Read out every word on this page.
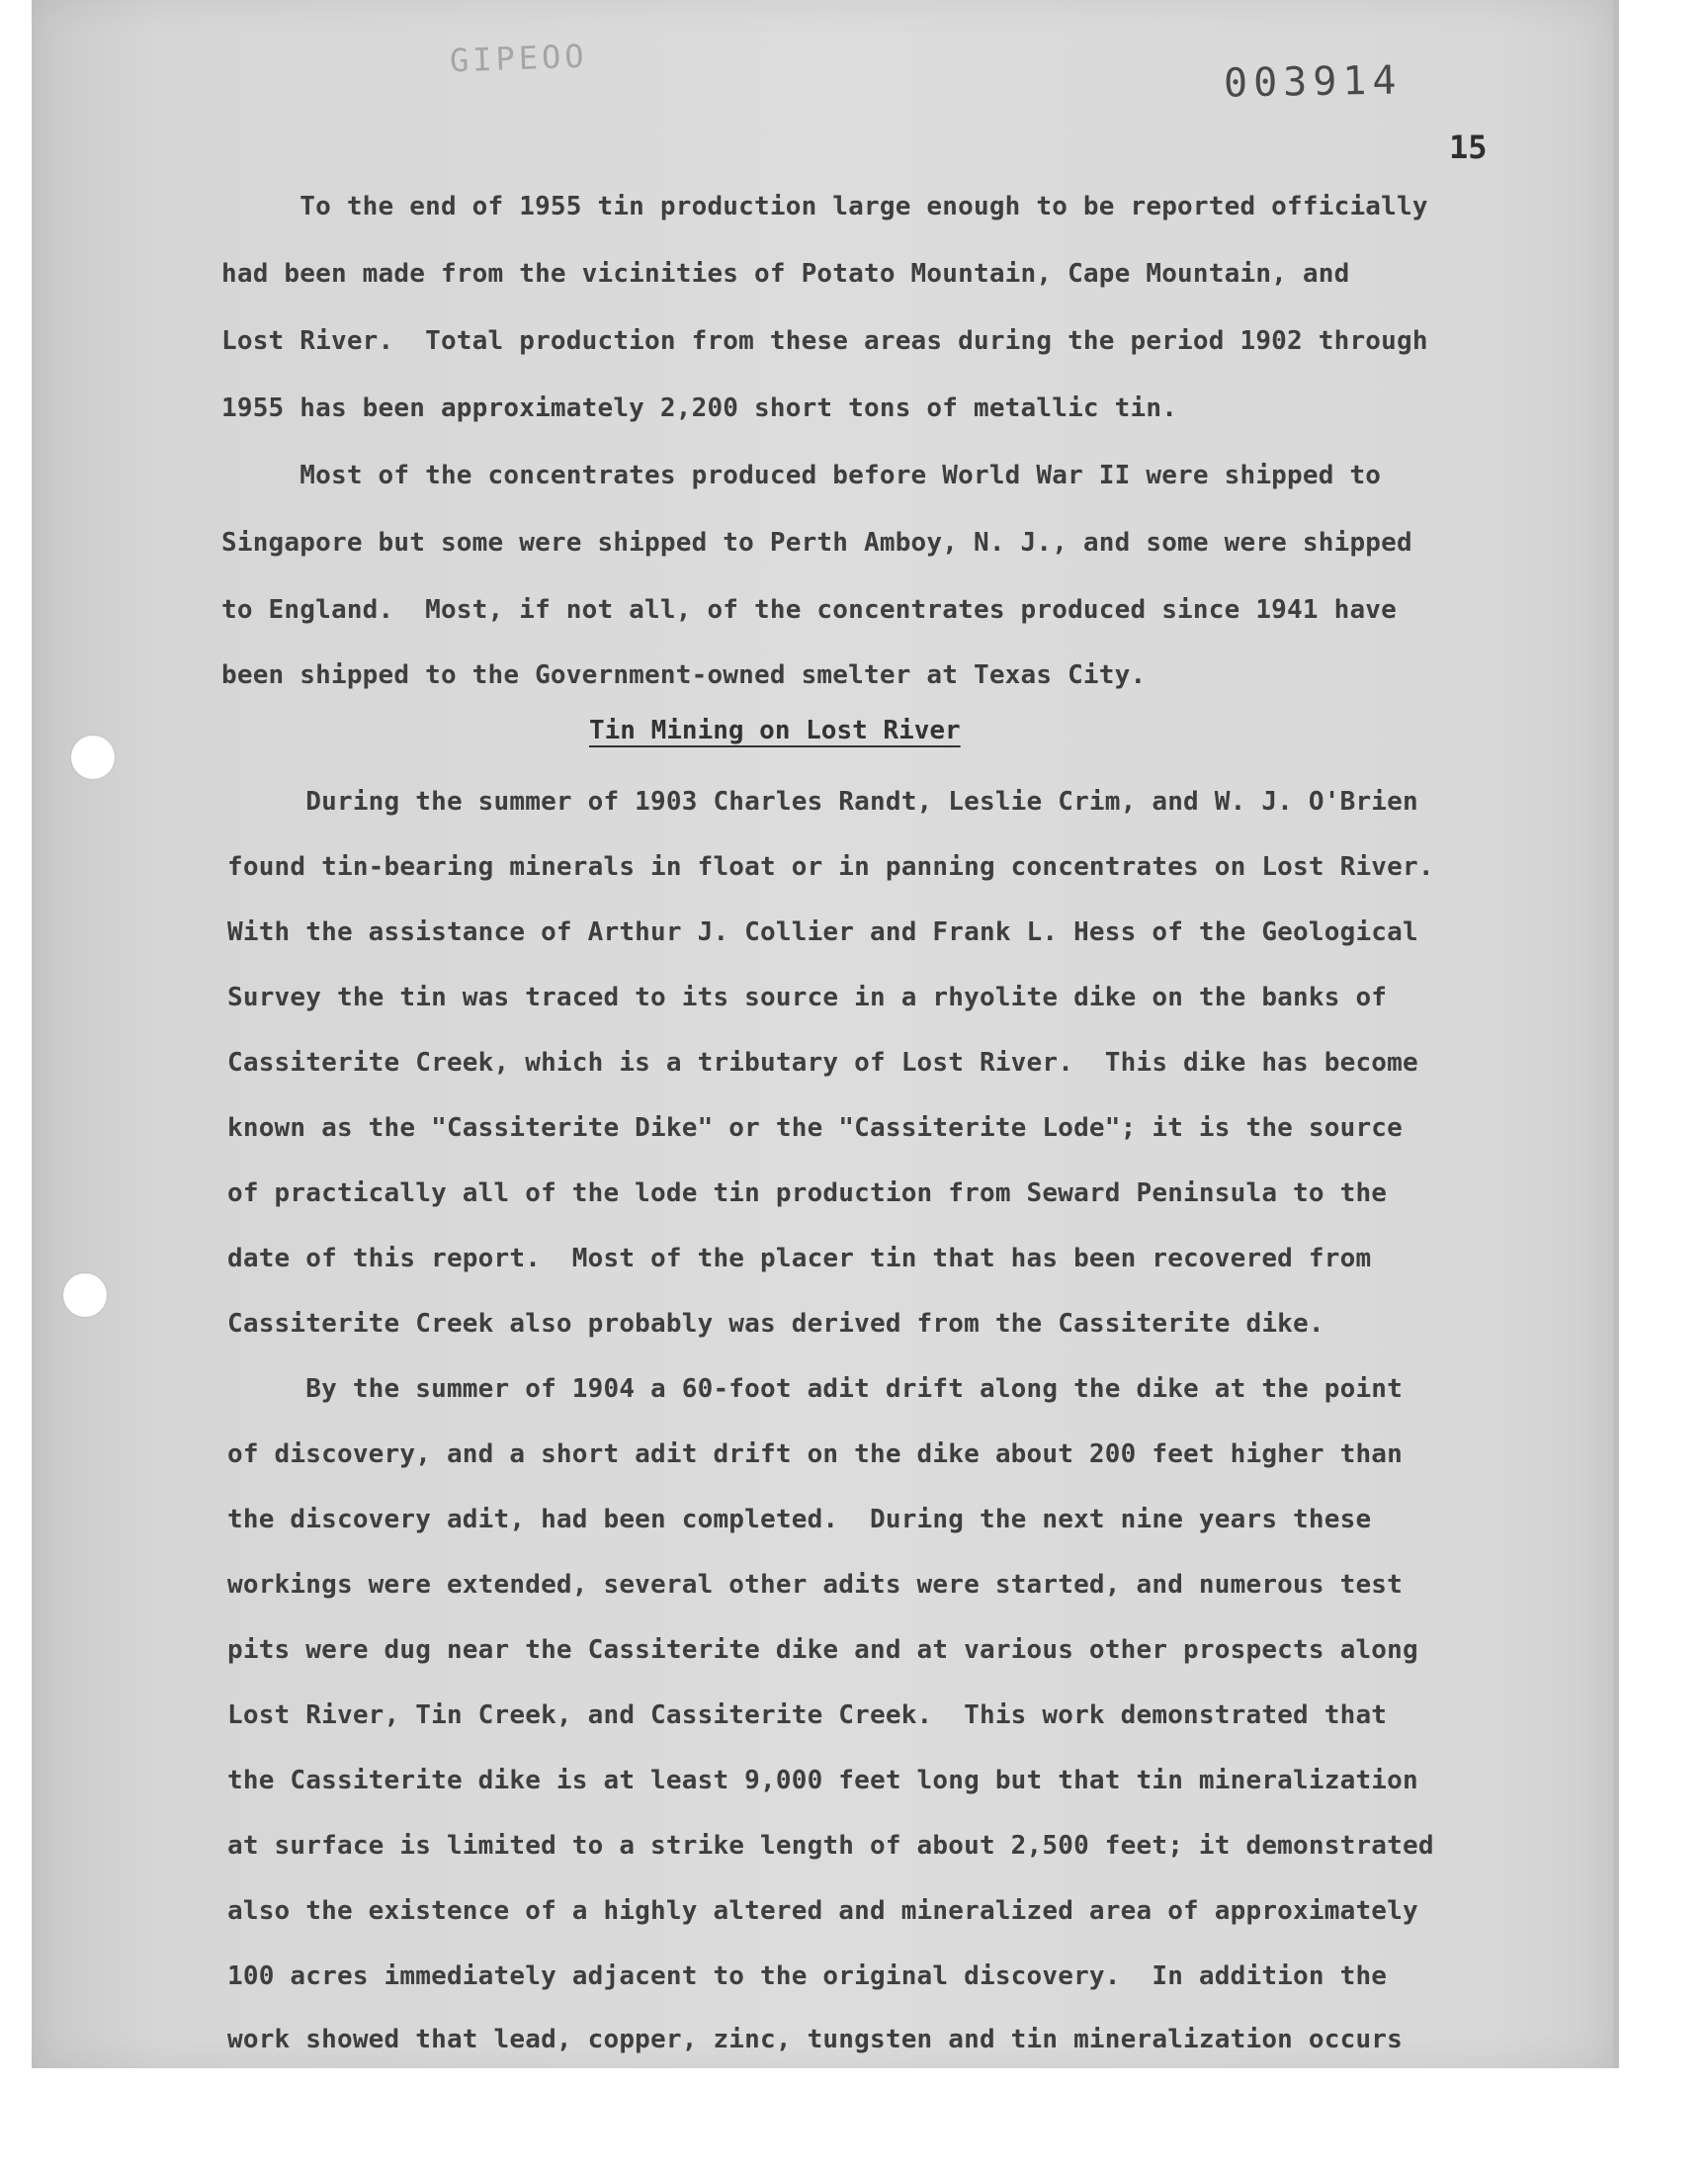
GIPEOO	003914
15
To the end of 1955 tin production large enough to be reported officially
had been made from the vicinities of Potato Mountain, Cape Mountain, and
Lost River.  Total production from these areas during the period 1902 through
1955 has been approximately 2,200 short tons of metallic tin.
Most of the concentrates produced before World War II were shipped to
Singapore but some were shipped to Perth Amboy, N. J., and some were shipped
to England.  Most, if not all, of the concentrates produced since 1941 have
been shipped to the Government-owned smelter at Texas City.
Tin Mining on Lost River
During the summer of 1903 Charles Randt, Leslie Crim, and W. J. O'Brien
found tin-bearing minerals in float or in panning concentrates on Lost River.
With the assistance of Arthur J. Collier and Frank L. Hess of the Geological
Survey the tin was traced to its source in a rhyolite dike on the banks of
Cassiterite Creek, which is a tributary of Lost River.  This dike has become
known as the "Cassiterite Dike" or the "Cassiterite Lode"; it is the source
of practically all of the lode tin production from Seward Peninsula to the
date of this report.  Most of the placer tin that has been recovered from
Cassiterite Creek also probably was derived from the Cassiterite dike.
By the summer of 1904 a 60-foot adit drift along the dike at the point
of discovery, and a short adit drift on the dike about 200 feet higher than
the discovery adit, had been completed.  During the next nine years these
workings were extended, several other adits were started, and numerous test
pits were dug near the Cassiterite dike and at various other prospects along
Lost River, Tin Creek, and Cassiterite Creek.  This work demonstrated that
the Cassiterite dike is at least 9,000 feet long but that tin mineralization
at surface is limited to a strike length of about 2,500 feet; it demonstrated
also the existence of a highly altered and mineralized area of approximately
100 acres immediately adjacent to the original discovery.  In addition the
work showed that lead, copper, zinc, tungsten and tin mineralization occurs
